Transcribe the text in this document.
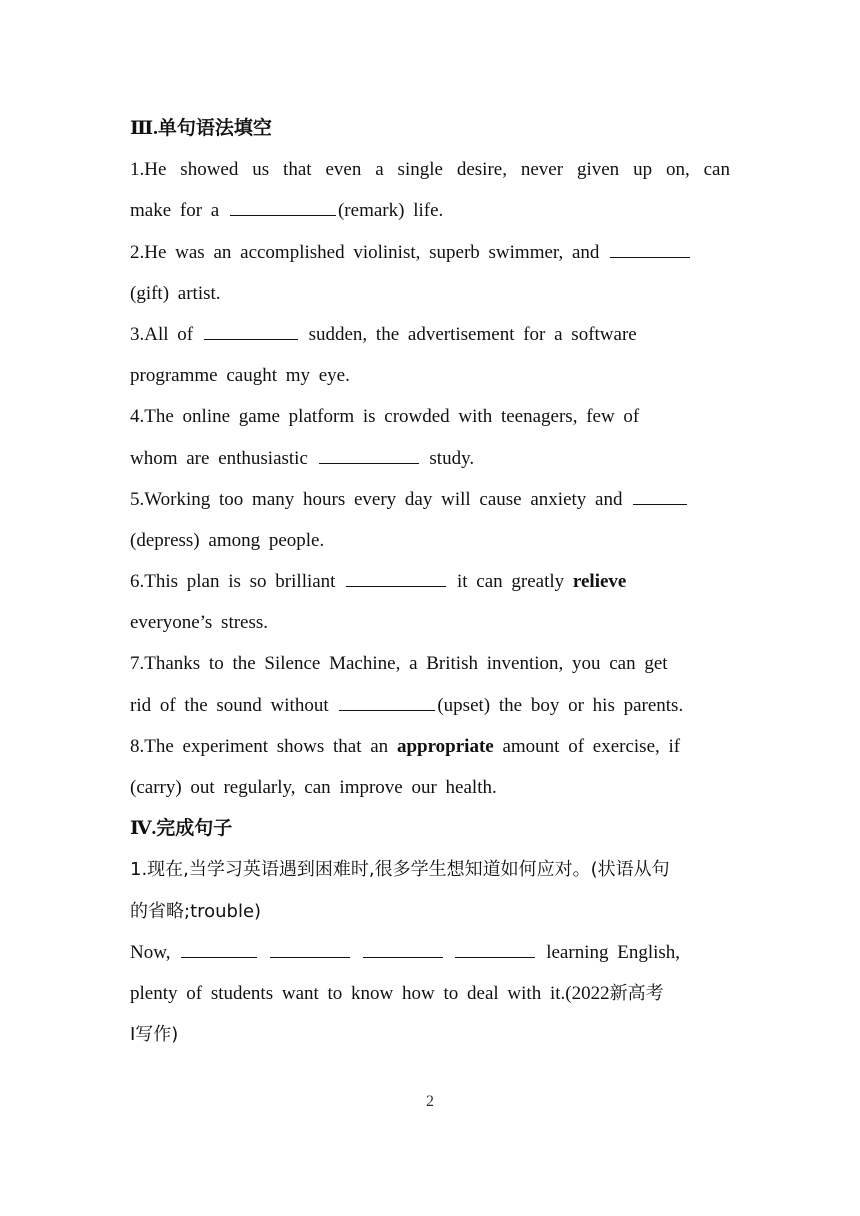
Ⅲ.单句语法填空
1.He showed us that even a single desire, never given up on, can
make for a	(remark) life.
2.He was an accomplished violinist, superb swimmer, and
(gift) artist.
3.All of	sudden, the advertisement for a software
programme caught my eye.
4.The online game platform is crowded with teenagers, few of
whom are enthusiastic	study.
5.Working too many hours every day will cause anxiety and
(depress) among people.
6.This plan is so brilliant	it can greatly relieve
everyone’s stress.
7.Thanks to the Silence Machine, a British invention, you can get
rid of the sound without	(upset) the boy or his parents.
8.The experiment shows that an appropriate amount of exercise, if
(carry) out regularly, can improve our health.
Ⅳ.完成句子
1.现在,当学习英语遇到困难时,很多学生想知道如何应对。(状语从句
的省略;trouble)
Now,	learning English,
plenty of students want to know how to deal with it.(2022新高考
Ⅰ写作)
2
